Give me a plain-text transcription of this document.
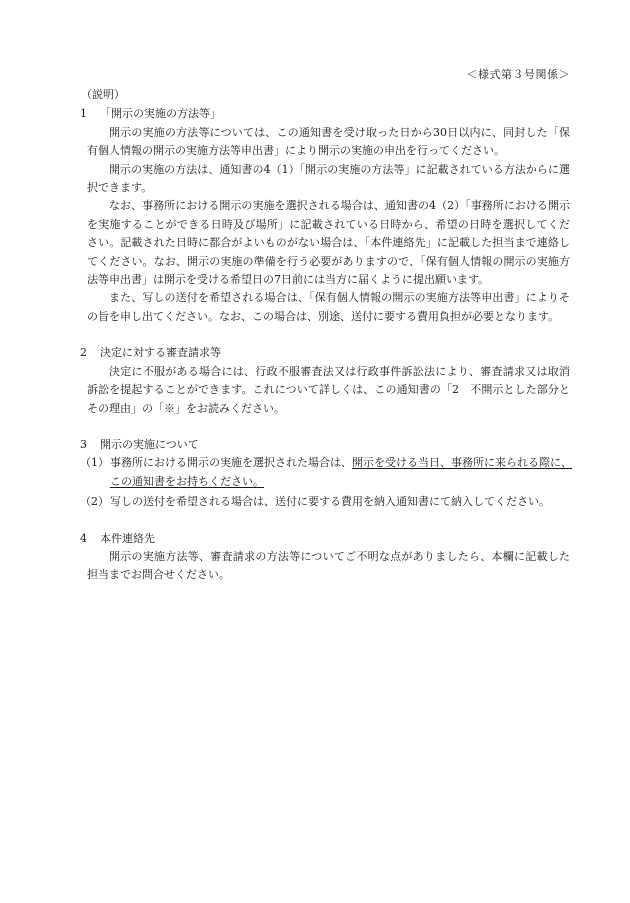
＜様式第３号関係＞

（説明）

1	「開示の実施の方法等」

開示の実施の方法等については、この通知書を受け取った日から30日以内に、同封した「保有個人情報の開示の実施方法等申出書」により開示の実施の申出を行ってください。

開示の実施の方法は、通知書の4（1）「開示の実施の方法等」に記載されている方法からに選択できます。

なお、事務所における開示の実施を選択される場合は、通知書の4（2）「事務所における開示を実施することができる日時及び場所」に記載されている日時から、希望の日時を選択してください。記載された日時に都合がよいものがない場合は、「本件連絡先」に記載した担当まで連絡してください。なお、開示の実施の準備を行う必要がありますので、「保有個人情報の開示の実施方法等申出書」は開示を受ける希望日の7日前には当方に届くように提出願います。

また、写しの送付を希望される場合は、「保有個人情報の開示の実施方法等申出書」によりその旨を申し出てください。なお、この場合は、別途、送付に要する費用負担が必要となります。

2	決定に対する審査請求等

決定に不服がある場合には、行政不服審査法又は行政事件訴訟法により、審査請求又は取消訴訟を提起することができます。これについて詳しくは、この通知書の「2　不開示とした部分とその理由」の「※」をお読みください。

3	開示の実施について
（1） 事務所における開示の実施を選択された場合は、開示を受ける当日、事務所に来られる際に、
この通知書をお持ちください。
（2） 写しの送付を希望される場合は、送付に要する費用を納入通知書にて納入してください。
4	本件連絡先

開示の実施方法等、審査請求の方法等についてご不明な点がありましたら、本欄に記載した担当までお問合せください。
